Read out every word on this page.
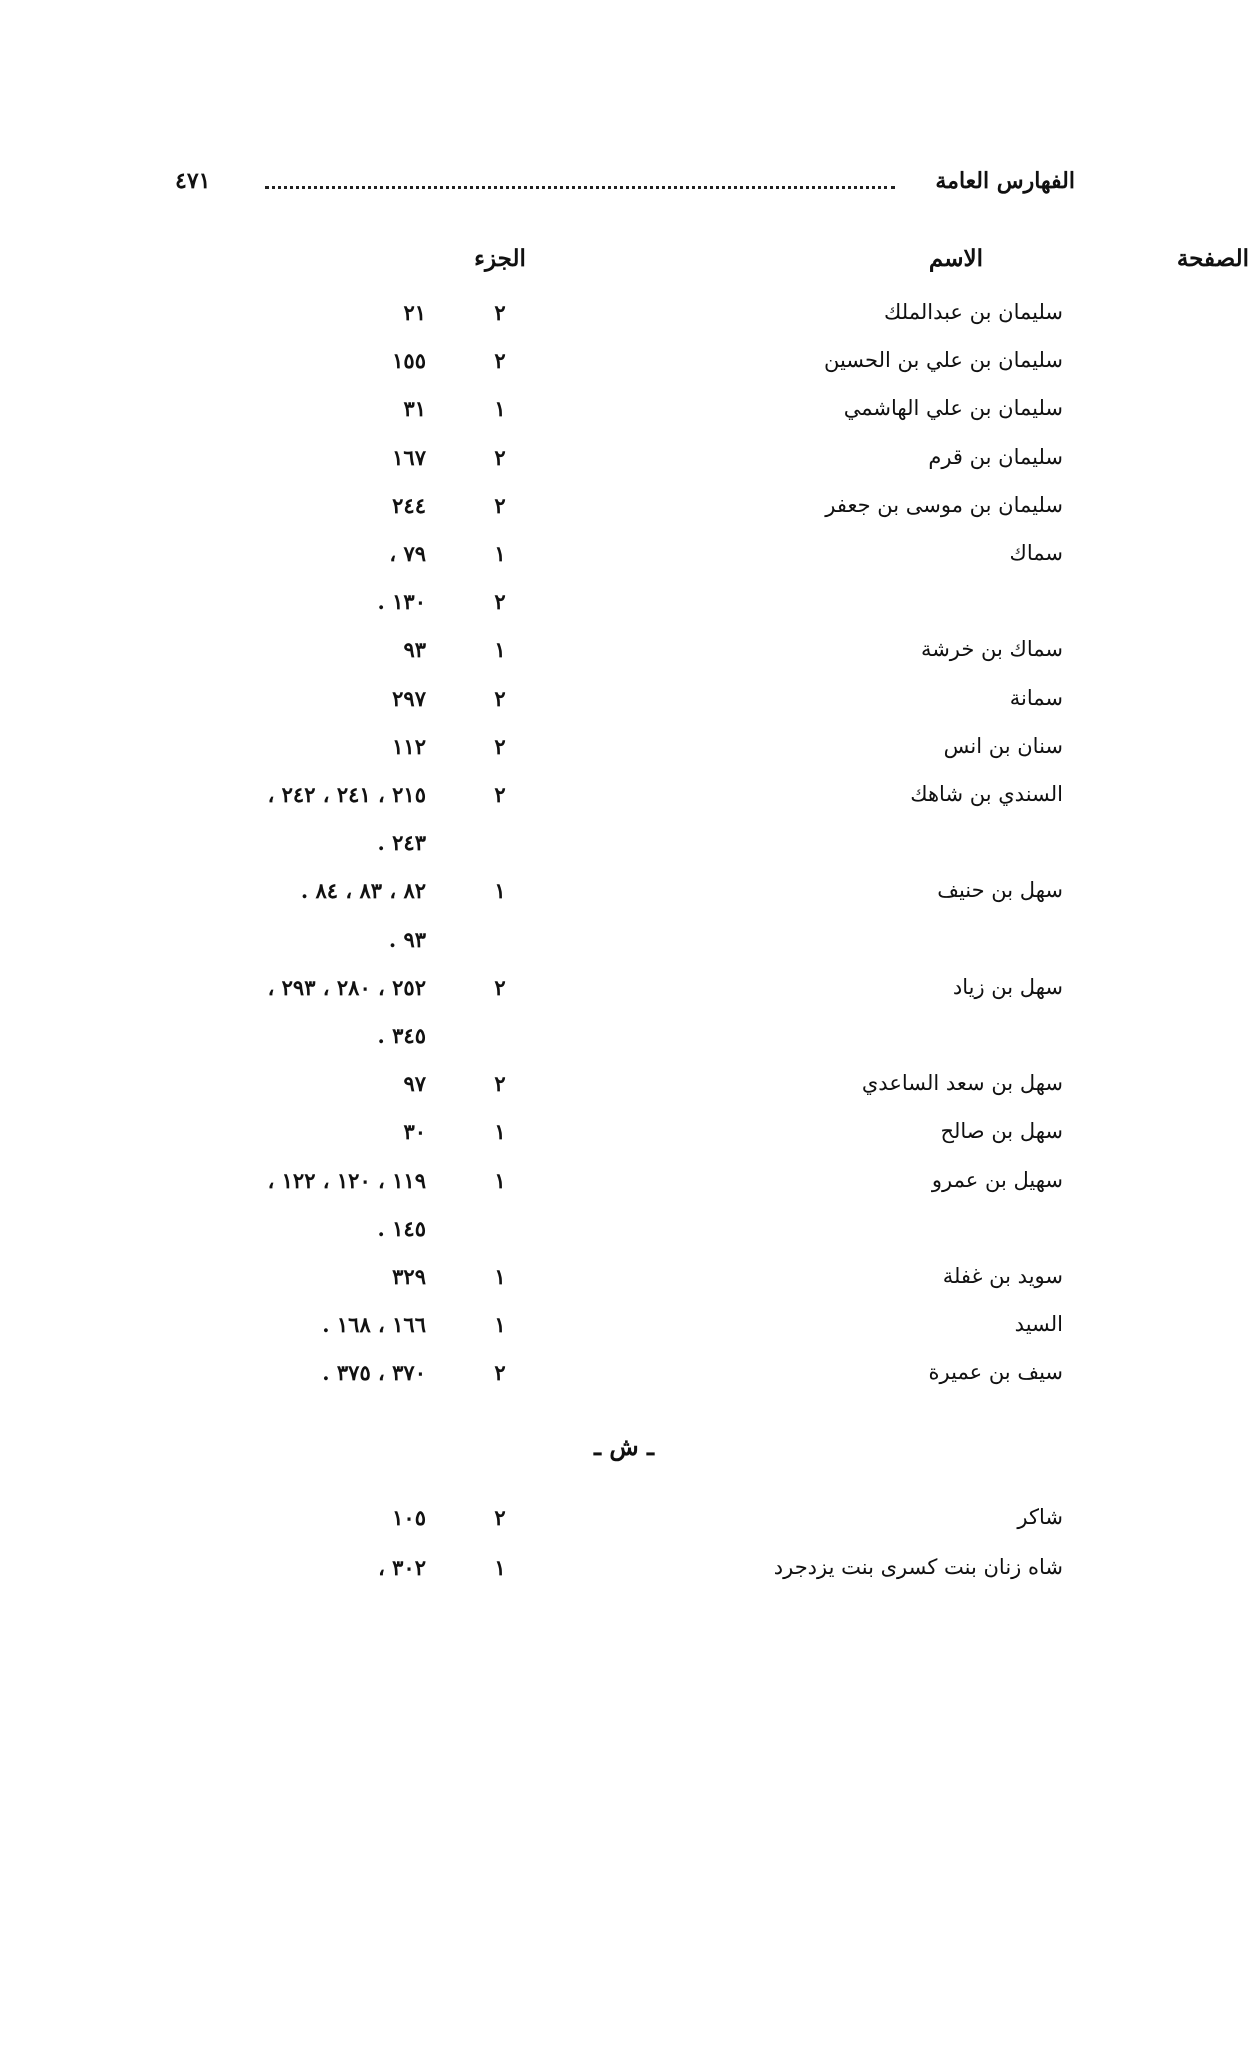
الفهارس العامة
٤٧١
الاسم
الجزء	الصفحة
سليمان بن عبدالملك
٢
٢١
سليمان بن علي بن الحسين
٢
١٥٥
سليمان بن علي الهاشمي
١
٣١
سليمان بن قرم
٢
١٦٧
سليمان بن موسى بن جعفر
٢
٢٤٤
سماك
١
٧٩ ،
٢
١٣٠ .
سماك بن خرشة
١
٩٣
سمانة
٢
٢٩٧
سنان بن انس
٢
١١٢
السندي بن شاهك
٢
٢١٥ ، ٢٤١ ، ٢٤٢ ،
٢٤٣ .
سهل بن حنيف
١
٨٢ ، ٨٣ ، ٨٤ .
٩٣ .
سهل بن زياد
٢
٢٥٢ ، ٢٨٠ ، ٢٩٣ ،
٣٤٥ .
سهل بن سعد الساعدي
٢
٩٧
سهل بن صالح
١
٣٠
سهيل بن عمرو
١
١١٩ ، ١٢٠ ، ١٢٢ ،
١٤٥ .
سويد بن غفلة
١
٣٢٩
السيد
١
١٦٦ ، ١٦٨ .
سيف بن عميرة
٢
٣٧٠ ، ٣٧٥ .
ـ ش ـ
شاكر
٢
١٠٥
شاه زنان بنت كسرى بنت يزدجرد
١
٣٠٢ ،
